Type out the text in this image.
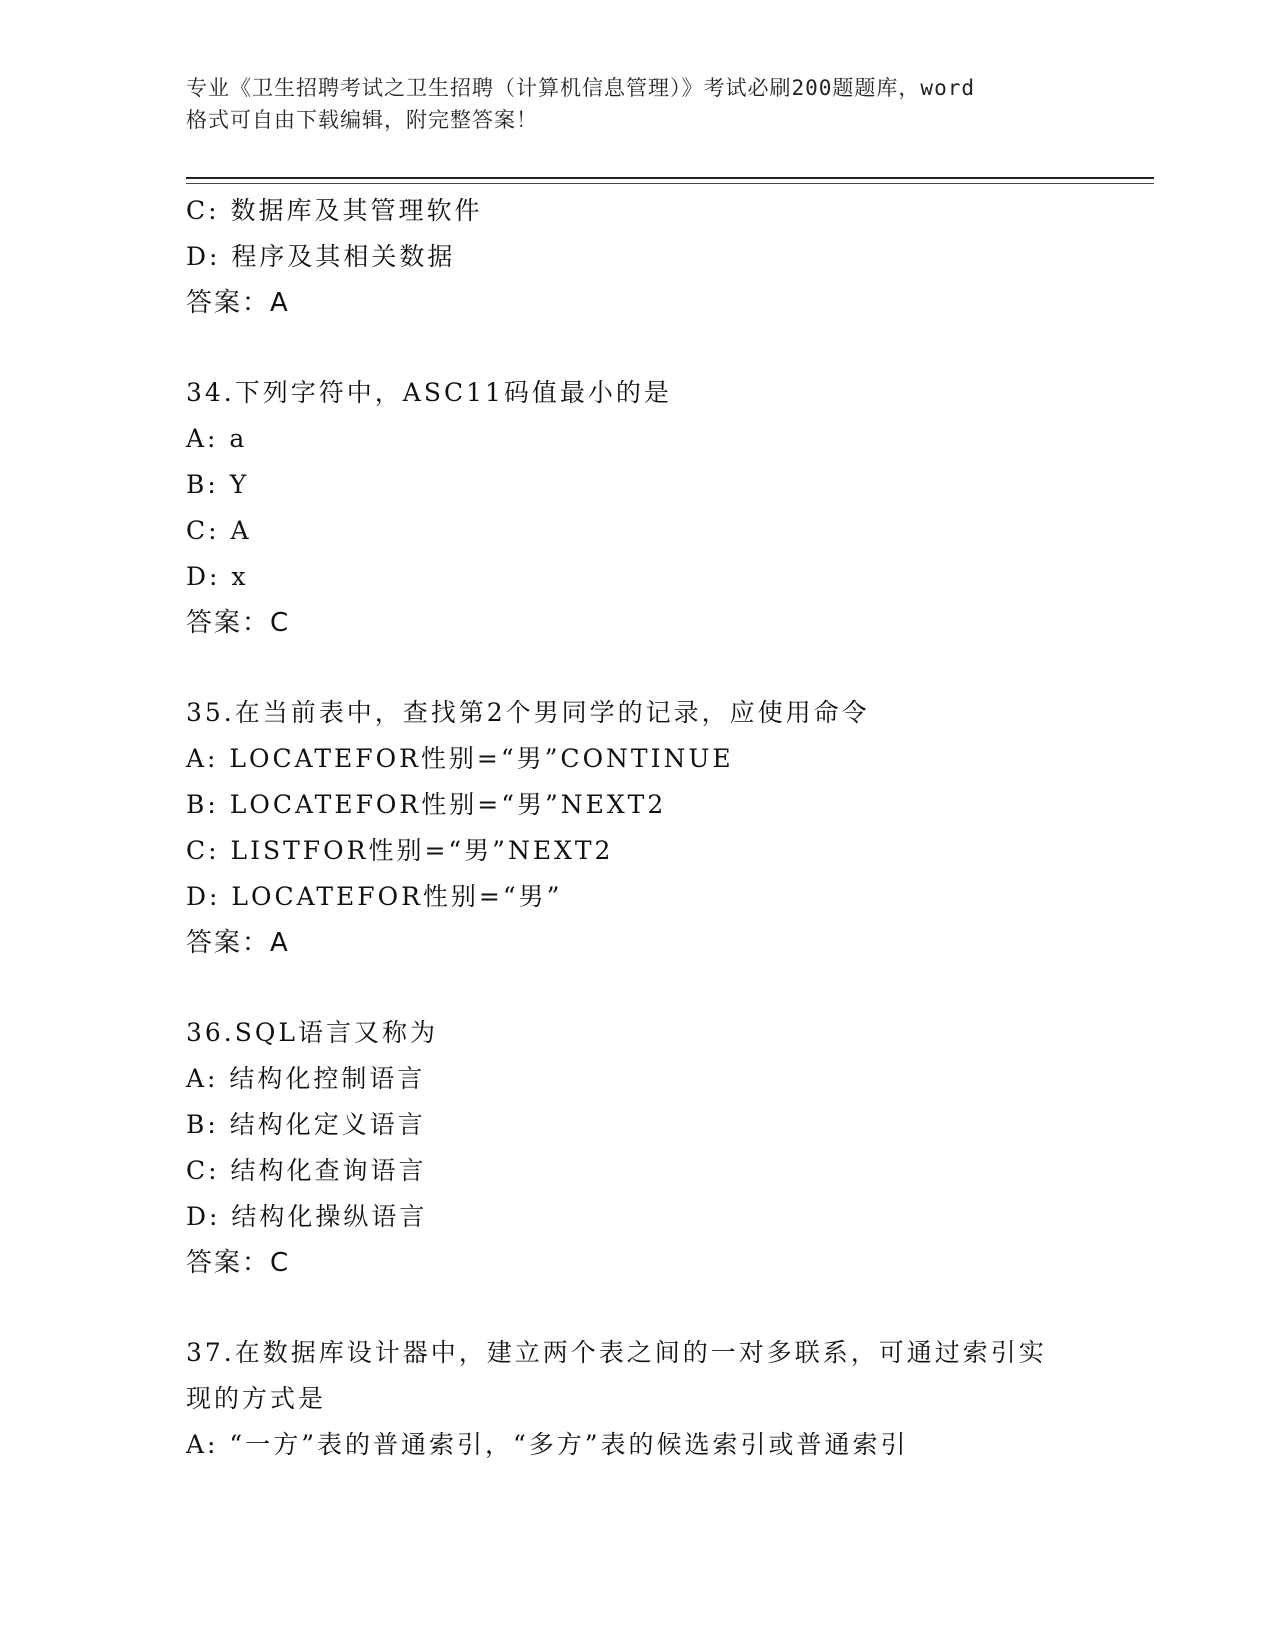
专业《卫生招聘考试之卫生招聘（计算机信息管理）》考试必刷200题题库，word
格式可自由下载编辑，附完整答案！
C: 数据库及其管理软件
D: 程序及其相关数据
答案：A
34.下列字符中，ASC11码值最小的是
A: a
B: Y
C: A
D: x
答案：C
35.在当前表中，查找第2个男同学的记录，应使用命令
A: LOCATEFOR性别=“男”CONTINUE
B: LOCATEFOR性别=“男”NEXT2
C: LISTFOR性别=“男”NEXT2
D: LOCATEFOR性别=“男”
答案：A
36.SQL语言又称为
A: 结构化控制语言
B: 结构化定义语言
C: 结构化查询语言
D: 结构化操纵语言
答案：C
37.在数据库设计器中，建立两个表之间的一对多联系，可通过索引实
现的方式是
A: “一方”表的普通索引，“多方”表的候选索引或普通索引
